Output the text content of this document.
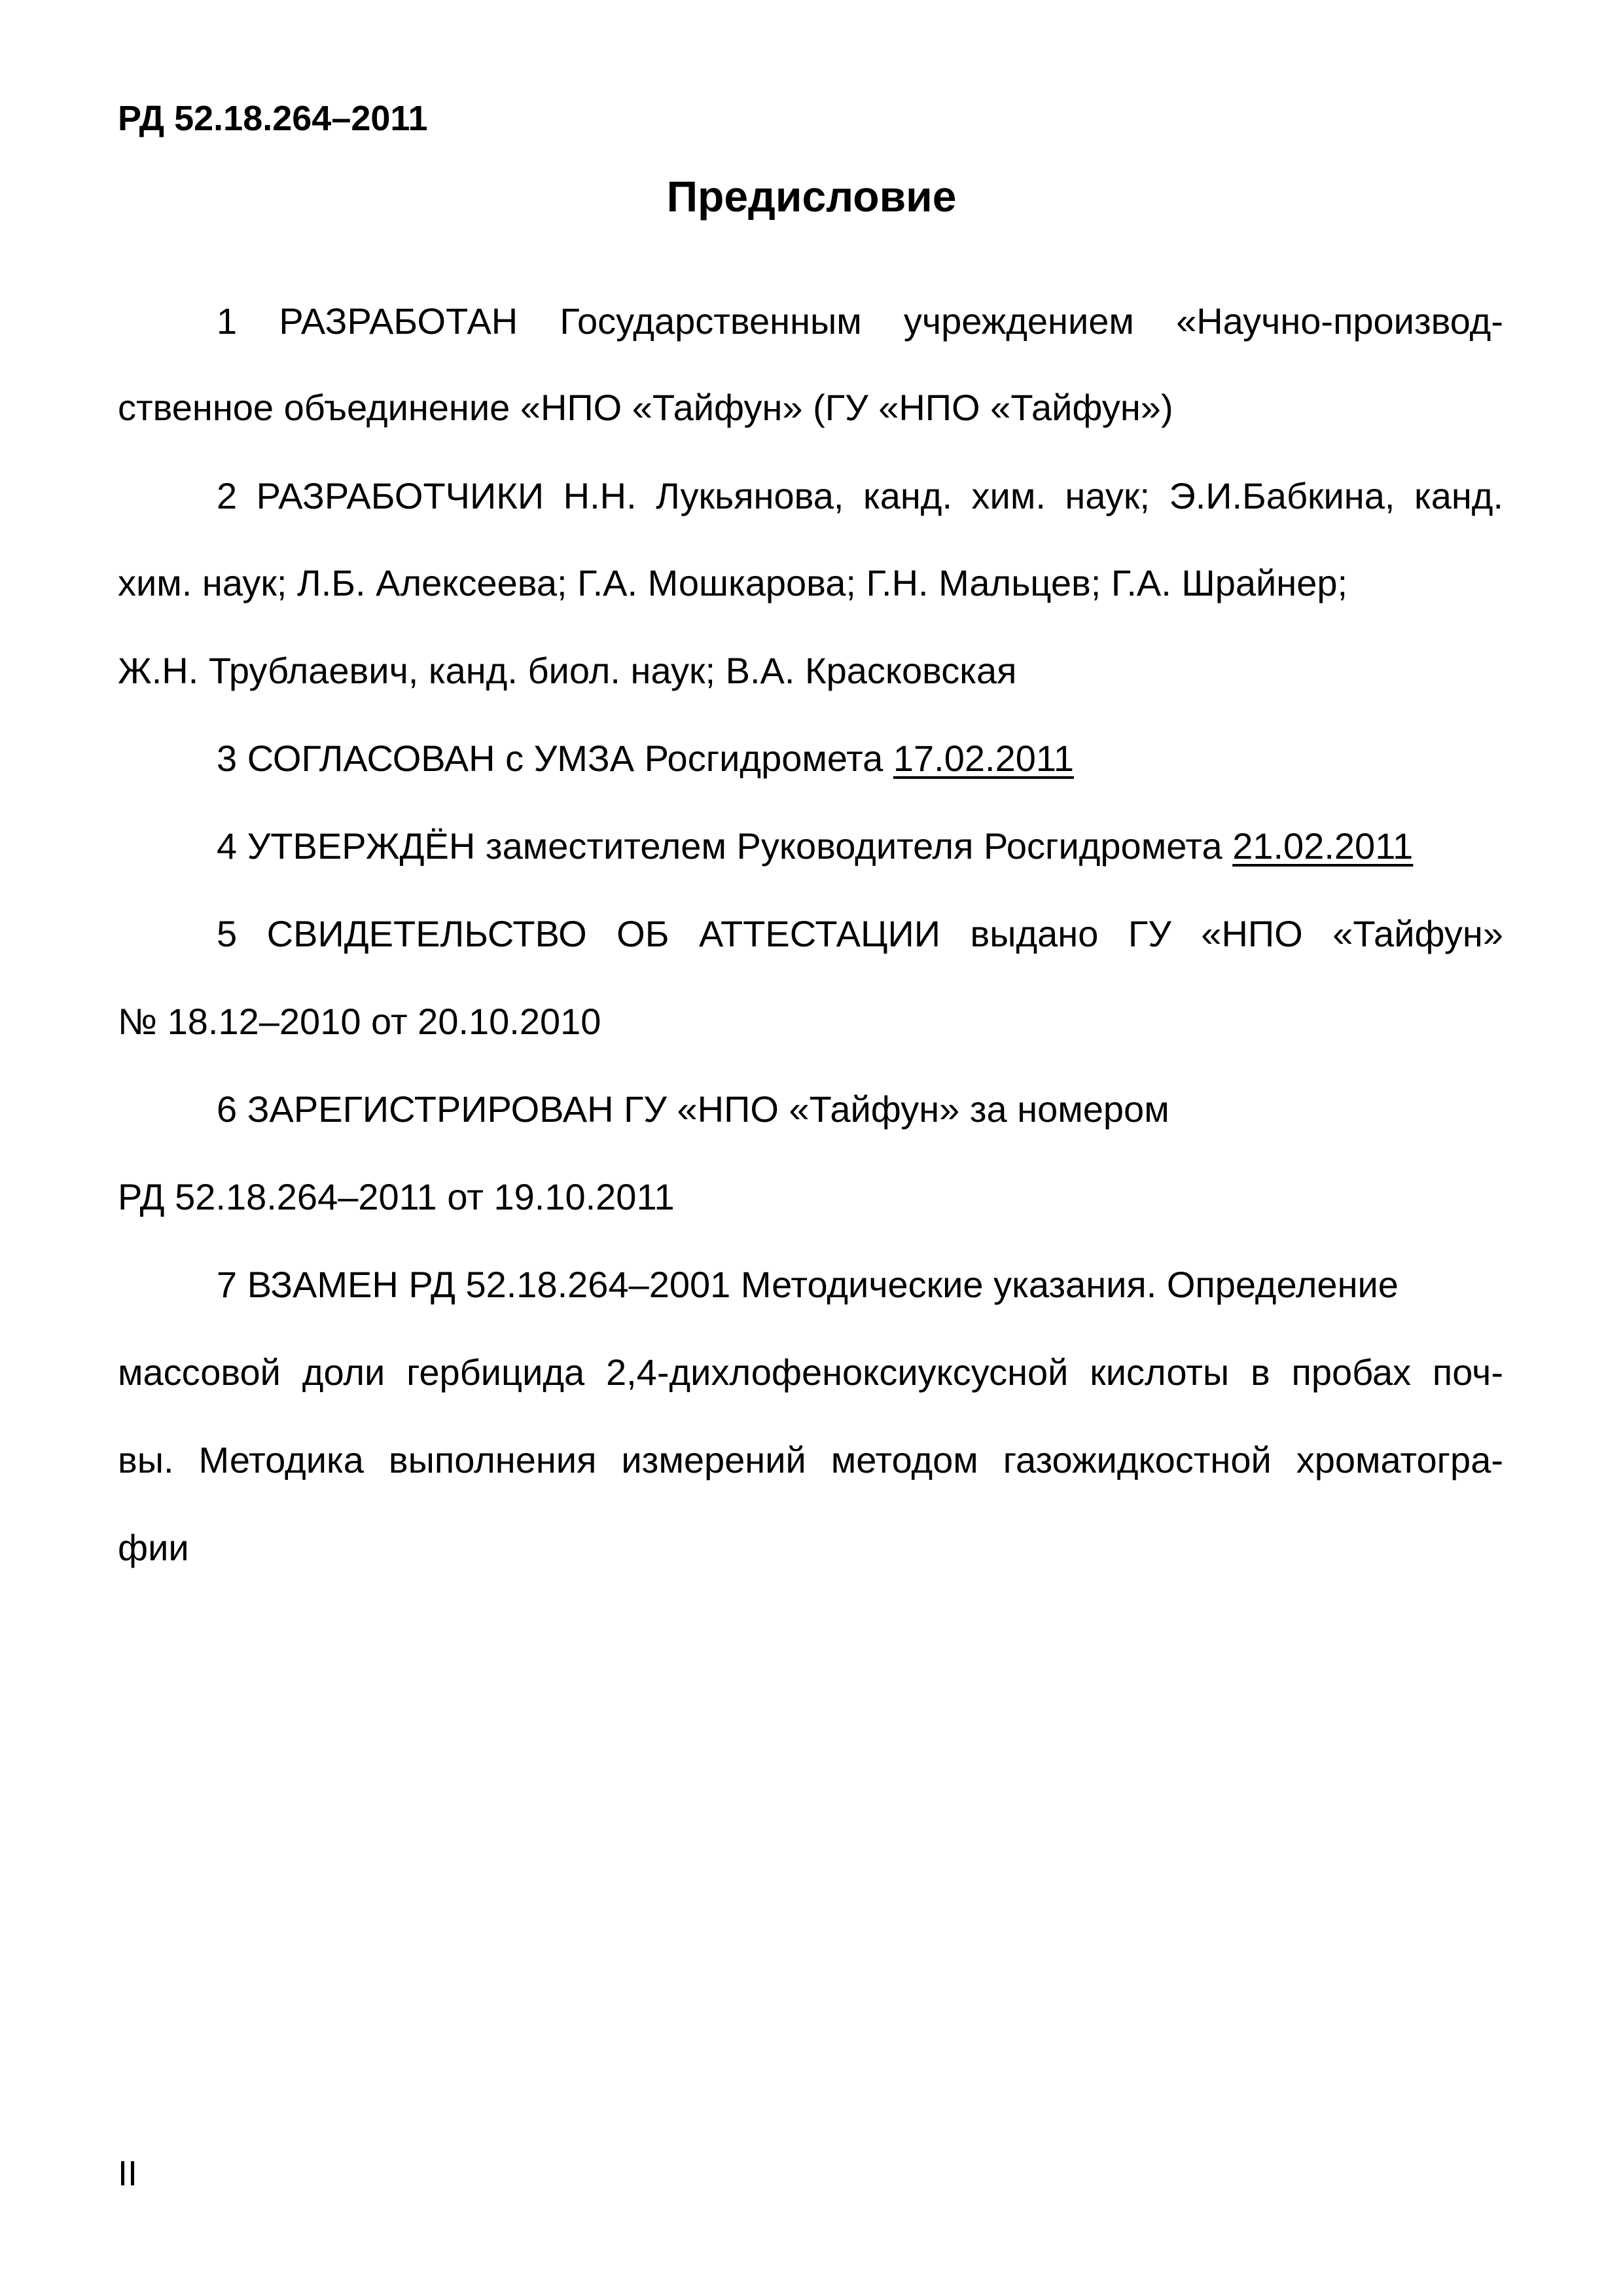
РД 52.18.264–2011
Предисловие
1 РАЗРАБОТАН Государственным учреждением «Научно-производ-
ственное объединение «НПО «Тайфун» (ГУ «НПО «Тайфун»)
2 РАЗРАБОТЧИКИ Н.Н. Лукьянова, канд. хим. наук; Э.И.Бабкина, канд.
хим. наук; Л.Б. Алексеева; Г.А. Мошкарова; Г.Н. Мальцев; Г.А. Шрайнер;
Ж.Н. Трублаевич, канд. биол. наук; В.А. Красковская
3 СОГЛАСОВАН с УМЗА Росгидромета 17.02.2011
4 УТВЕРЖДЁН заместителем Руководителя Росгидромета 21.02.2011
5 СВИДЕТЕЛЬСТВО ОБ АТТЕСТАЦИИ выдано ГУ «НПО «Тайфун»
№ 18.12–2010 от 20.10.2010
6 ЗАРЕГИСТРИРОВАН ГУ «НПО «Тайфун» за номером
РД 52.18.264–2011 от 19.10.2011
7 ВЗАМЕН РД 52.18.264–2001 Методические указания. Определение
массовой доли гербицида 2,4-дихлофеноксиуксусной кислоты в пробах поч-
вы. Методика выполнения измерений методом газожидкостной хроматогра-
фии
II
